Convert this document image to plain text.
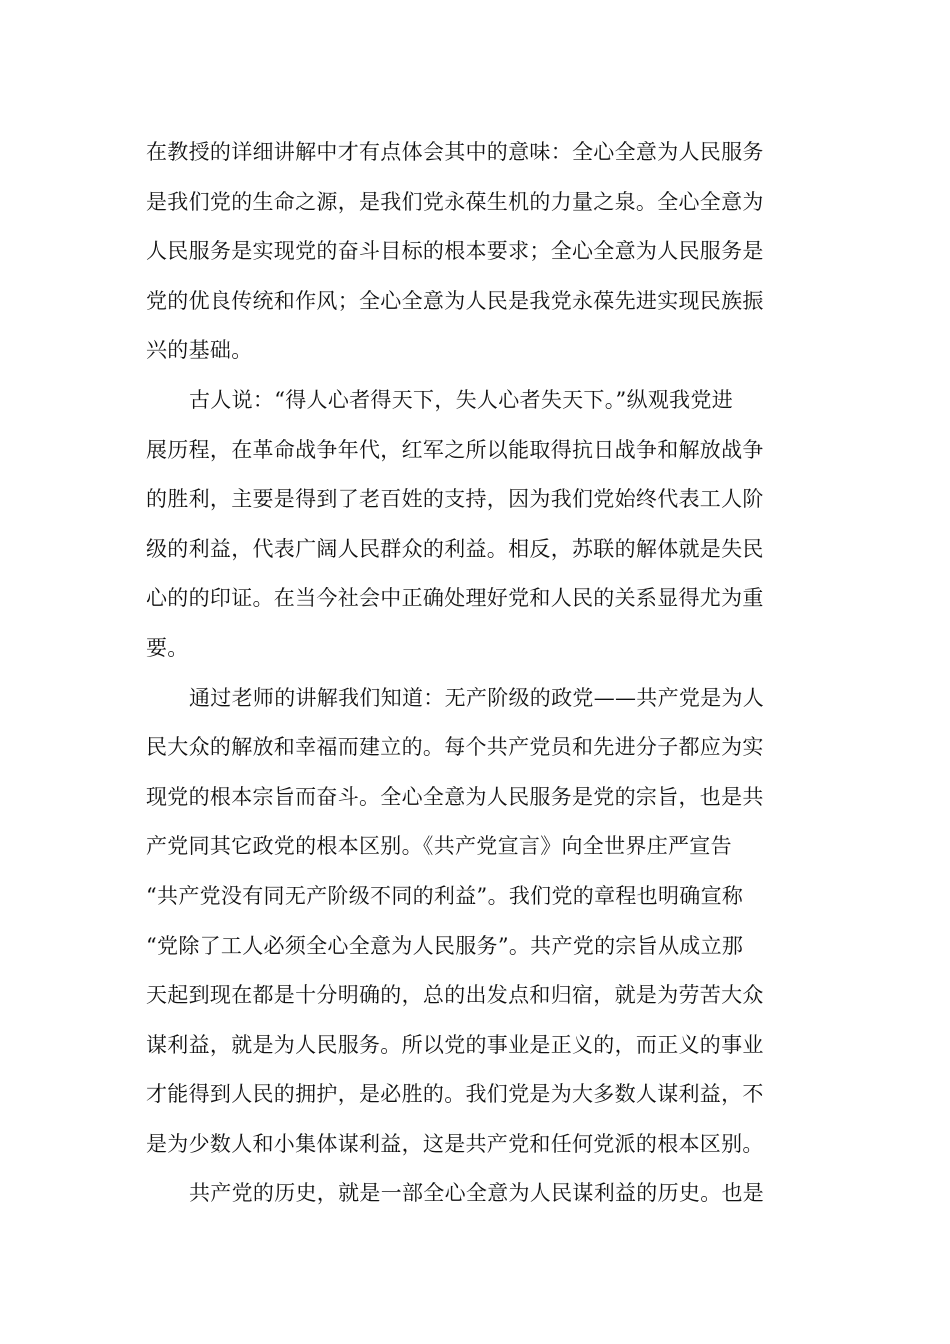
在教授的详细讲解中才有点体会其中的意味：全心全意为人民服务
是我们党的生命之源，是我们党永葆生机的力量之泉。全心全意为
人民服务是实现党的奋斗目标的根本要求；全心全意为人民服务是
党的优良传统和作风；全心全意为人民是我党永葆先进实现民族振
兴的基础。
古人说：“得人心者得天下，失人心者失天下。”纵观我党进
展历程，在革命战争年代，红军之所以能取得抗日战争和解放战争
的胜利，主要是得到了老百姓的支持，因为我们党始终代表工人阶
级的利益，代表广阔人民群众的利益。相反，苏联的解体就是失民
心的的印证。在当今社会中正确处理好党和人民的关系显得尤为重
要。
通过老师的讲解我们知道：无产阶级的政党——共产党是为人
民大众的解放和幸福而建立的。每个共产党员和先进分子都应为实
现党的根本宗旨而奋斗。全心全意为人民服务是党的宗旨，也是共
产党同其它政党的根本区别。《共产党宣言》向全世界庄严宣告
“共产党没有同无产阶级不同的利益”。我们党的章程也明确宣称
“党除了工人必须全心全意为人民服务”。共产党的宗旨从成立那
天起到现在都是十分明确的，总的出发点和归宿，就是为劳苦大众
谋利益，就是为人民服务。所以党的事业是正义的，而正义的事业
才能得到人民的拥护，是必胜的。我们党是为大多数人谋利益，不
是为少数人和小集体谋利益，这是共产党和任何党派的根本区别。
共产党的历史，就是一部全心全意为人民谋利益的历史。也是
